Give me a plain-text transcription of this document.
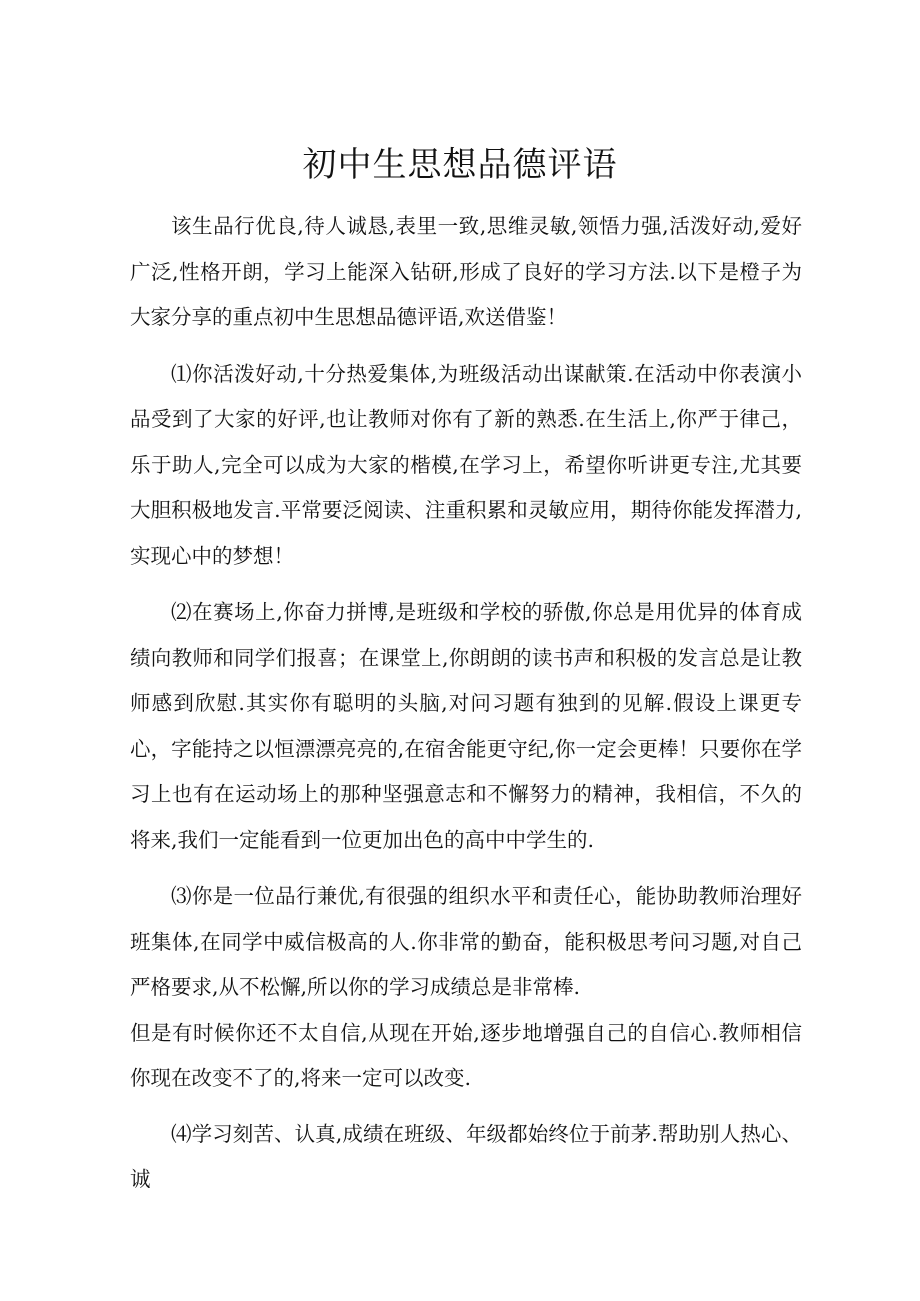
初中生思想品德评语

该生品行优良,待人诚恳,表里一致,思维灵敏,领悟力强,活泼好动,爱好广泛,性格开朗，学习上能深入钻研,形成了良好的学习方法.以下是橙子为大家分享的重点初中生思想品德评语,欢送借鉴！

⑴你活泼好动,十分热爱集体,为班级活动出谋献策.在活动中你表演小品受到了大家的好评,也让教师对你有了新的熟悉.在生活上,你严于律己，乐于助人,完全可以成为大家的楷模,在学习上，希望你听讲更专注,尤其要大胆积极地发言.平常要泛阅读、注重积累和灵敏应用，期待你能发挥潜力,实现心中的梦想！

⑵在赛场上,你奋力拼博,是班级和学校的骄傲,你总是用优异的体育成绩向教师和同学们报喜；在课堂上,你朗朗的读书声和积极的发言总是让教师感到欣慰.其实你有聪明的头脑,对问习题有独到的见解.假设上课更专心，字能持之以恒漂漂亮亮的,在宿舍能更守纪,你一定会更棒！只要你在学习上也有在运动场上的那种坚强意志和不懈努力的精神，我相信，不久的将来,我们一定能看到一位更加出色的高中中学生的.

⑶你是一位品行兼优,有很强的组织水平和责任心，能协助教师治理好班集体,在同学中威信极高的人.你非常的勤奋，能积极思考问习题,对自己严格要求,从不松懈,所以你的学习成绩总是非常棒.

但是有时候你还不太自信,从现在开始,逐步地增强自己的自信心.教师相信你现在改变不了的,将来一定可以改变.

⑷学习刻苦、认真,成绩在班级、年级都始终位于前茅.帮助别人热心、诚
